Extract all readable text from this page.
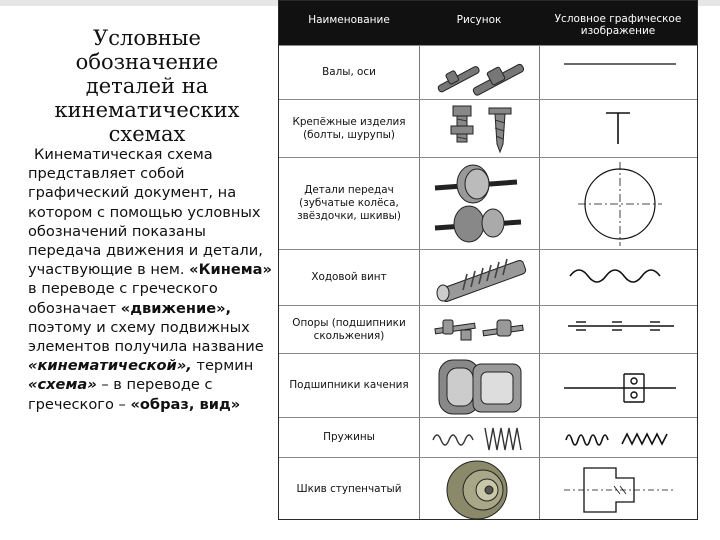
Условные обозначение
деталей на
кинематических
схемах

Кинематическая схема представляет собой графический документ, на котором с помощью условных обозначений показаны передача движения и детали, участвующие в нем. «Кинема» в переводе с греческого обозначает «движение», поэтому и схему подвижных элементов получила название «кинематической», термин «схема» – в переводе с греческого – «образ, вид»

Наименование	Рисунок	Условное графическое изображение
Валы, оси
Крепёжные изделия (болты, шурупы)
Детали передач (зубчатые колёса, звёздочки, шкивы)
Ходовой винт
Опоры (подшипники скольжения)
Подшипники качения
Пружины
Шкив ступенчатый
